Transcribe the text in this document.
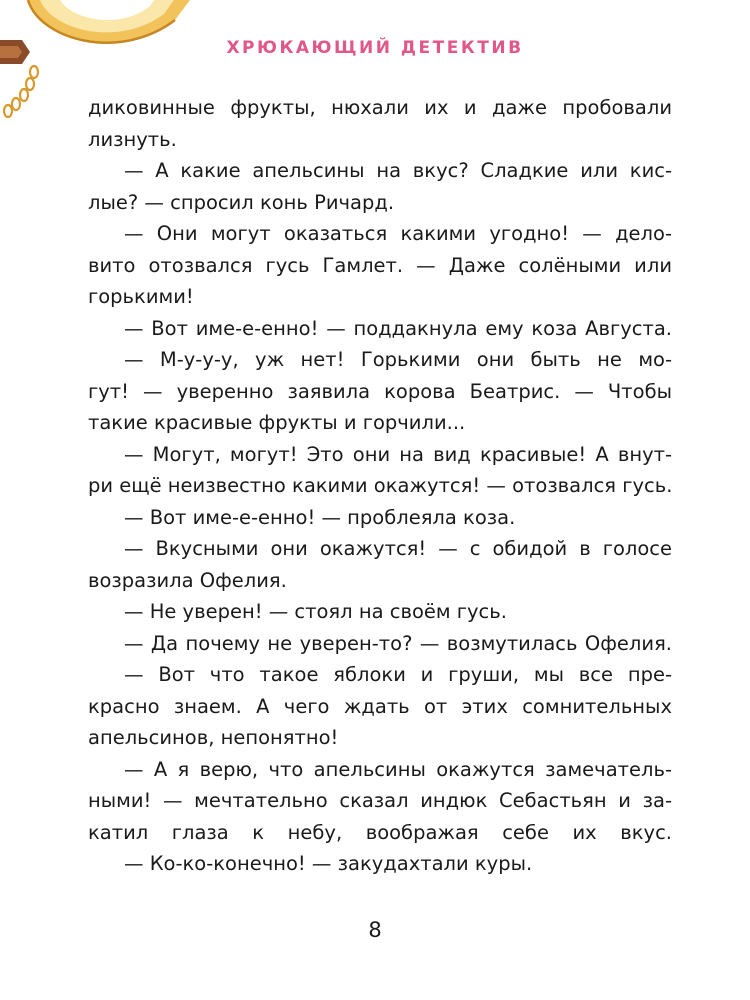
ХРЮКАЮЩИЙ ДЕТЕКТИВ
диковинные фрукты, нюхали их и даже пробовали
лизнуть.
— А какие апельсины на вкус? Сладкие или кис-
лые? — спросил конь Ричард.
— Они могут оказаться какими угодно! — дело-
вито отозвался гусь Гамлет. — Даже солёными или
горькими!
— Вот име-е-енно! — поддакнула ему коза Августа.
— М-у-у-у, уж нет! Горькими они быть не мо-
гут! — уверенно заявила корова Беатрис. — Чтобы
такие красивые фрукты и горчили...
— Могут, могут! Это они на вид красивые! А внут-
ри ещё неизвестно какими окажутся! — отозвался гусь.
— Вот име-е-енно! — проблеяла коза.
— Вкусными они окажутся! — с обидой в голосе
возразила Офелия.
— Не уверен! — стоял на своём гусь.
— Да почему не уверен-то? — возмутилась Офелия.
— Вот что такое яблоки и груши, мы все пре-
красно знаем. А чего ждать от этих сомнительных
апельсинов, непонятно!
— А я верю, что апельсины окажутся замечатель-
ными! — мечтательно сказал индюк Себастьян и за-
катил глаза к небу, воображая себе их вкус.
— Ко-ко-конечно! — закудахтали куры.
8
